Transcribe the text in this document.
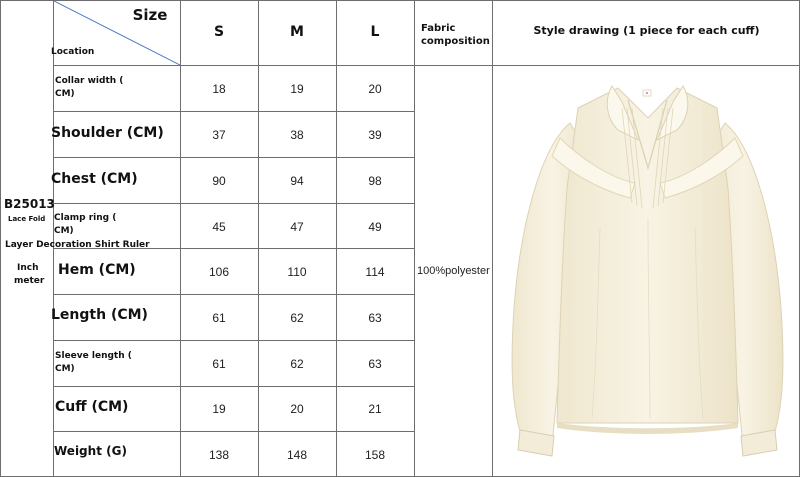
Size
Location
S	M	L	Fabric
composition
Style drawing (1 piece for each cuff)
B25013
Lace Fold
Layer Decoration Shirt Ruler
Inch
meter
Collar width (
CM)	18	19	20
Shoulder (CM)	37	38	39
Chest (CM)	90	94	98
Clamp ring (
CM)	45	47	49
Hem (CM)	106	110	114
Length (CM)	61	62	63
Sleeve length (
CM)	61	62	63
Cuff (CM)	19	20	21
Weight (G)	138	148	158
100%polyester
